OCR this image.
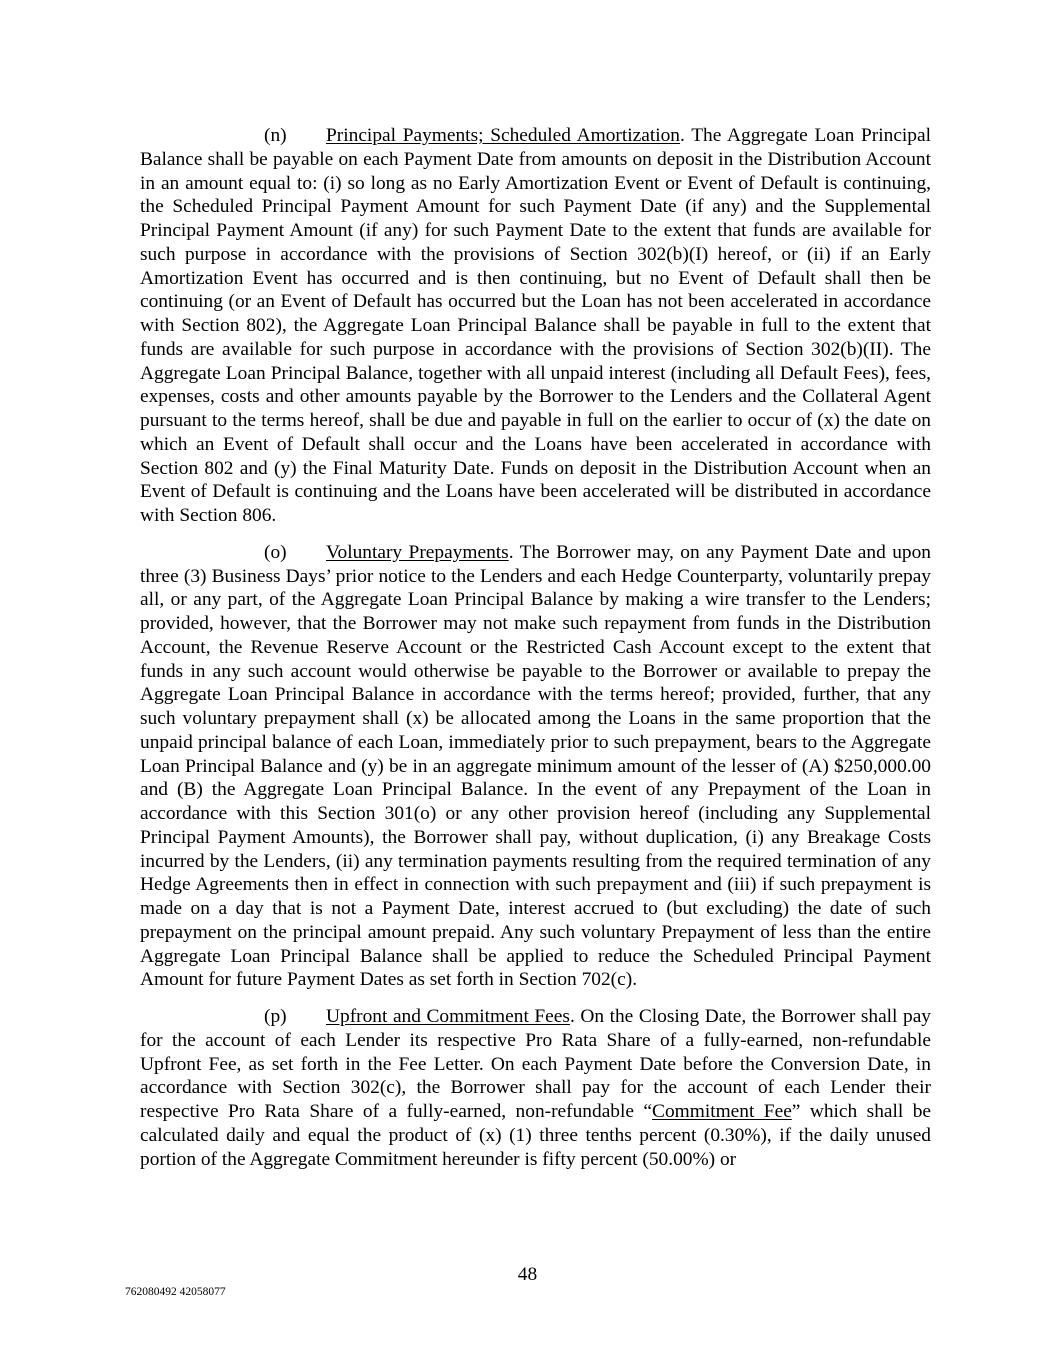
(n) Principal Payments; Scheduled Amortization. The Aggregate Loan Principal Balance shall be payable on each Payment Date from amounts on deposit in the Distribution Account in an amount equal to: (i) so long as no Early Amortization Event or Event of Default is continuing, the Scheduled Principal Payment Amount for such Payment Date (if any) and the Supplemental Principal Payment Amount (if any) for such Payment Date to the extent that funds are available for such purpose in accordance with the provisions of Section 302(b)(I) hereof, or (ii) if an Early Amortization Event has occurred and is then continuing, but no Event of Default shall then be continuing (or an Event of Default has occurred but the Loan has not been accelerated in accordance with Section 802), the Aggregate Loan Principal Balance shall be payable in full to the extent that funds are available for such purpose in accordance with the provisions of Section 302(b)(II). The Aggregate Loan Principal Balance, together with all unpaid interest (including all Default Fees), fees, expenses, costs and other amounts payable by the Borrower to the Lenders and the Collateral Agent pursuant to the terms hereof, shall be due and payable in full on the earlier to occur of (x) the date on which an Event of Default shall occur and the Loans have been accelerated in accordance with Section 802 and (y) the Final Maturity Date. Funds on deposit in the Distribution Account when an Event of Default is continuing and the Loans have been accelerated will be distributed in accordance with Section 806.

(o) Voluntary Prepayments. The Borrower may, on any Payment Date and upon three (3) Business Days’ prior notice to the Lenders and each Hedge Counterparty, voluntarily prepay all, or any part, of the Aggregate Loan Principal Balance by making a wire transfer to the Lenders; provided, however, that the Borrower may not make such repayment from funds in the Distribution Account, the Revenue Reserve Account or the Restricted Cash Account except to the extent that funds in any such account would otherwise be payable to the Borrower or available to prepay the Aggregate Loan Principal Balance in accordance with the terms hereof; provided, further, that any such voluntary prepayment shall (x) be allocated among the Loans in the same proportion that the unpaid principal balance of each Loan, immediately prior to such prepayment, bears to the Aggregate Loan Principal Balance and (y) be in an aggregate minimum amount of the lesser of (A) $250,000.00 and (B) the Aggregate Loan Principal Balance. In the event of any Prepayment of the Loan in accordance with this Section 301(o) or any other provision hereof (including any Supplemental Principal Payment Amounts), the Borrower shall pay, without duplication, (i) any Breakage Costs incurred by the Lenders, (ii) any termination payments resulting from the required termination of any Hedge Agreements then in effect in connection with such prepayment and (iii) if such prepayment is made on a day that is not a Payment Date, interest accrued to (but excluding) the date of such prepayment on the principal amount prepaid. Any such voluntary Prepayment of less than the entire Aggregate Loan Principal Balance shall be applied to reduce the Scheduled Principal Payment Amount for future Payment Dates as set forth in Section 702(c).

(p) Upfront and Commitment Fees. On the Closing Date, the Borrower shall pay for the account of each Lender its respective Pro Rata Share of a fully-earned, non-refundable Upfront Fee, as set forth in the Fee Letter. On each Payment Date before the Conversion Date, in accordance with Section 302(c), the Borrower shall pay for the account of each Lender their respective Pro Rata Share of a fully-earned, non-refundable “Commitment Fee” which shall be calculated daily and equal the product of (x) (1) three tenths percent (0.30%), if the daily unused portion of the Aggregate Commitment hereunder is fifty percent (50.00%) or

48
762080492 42058077
